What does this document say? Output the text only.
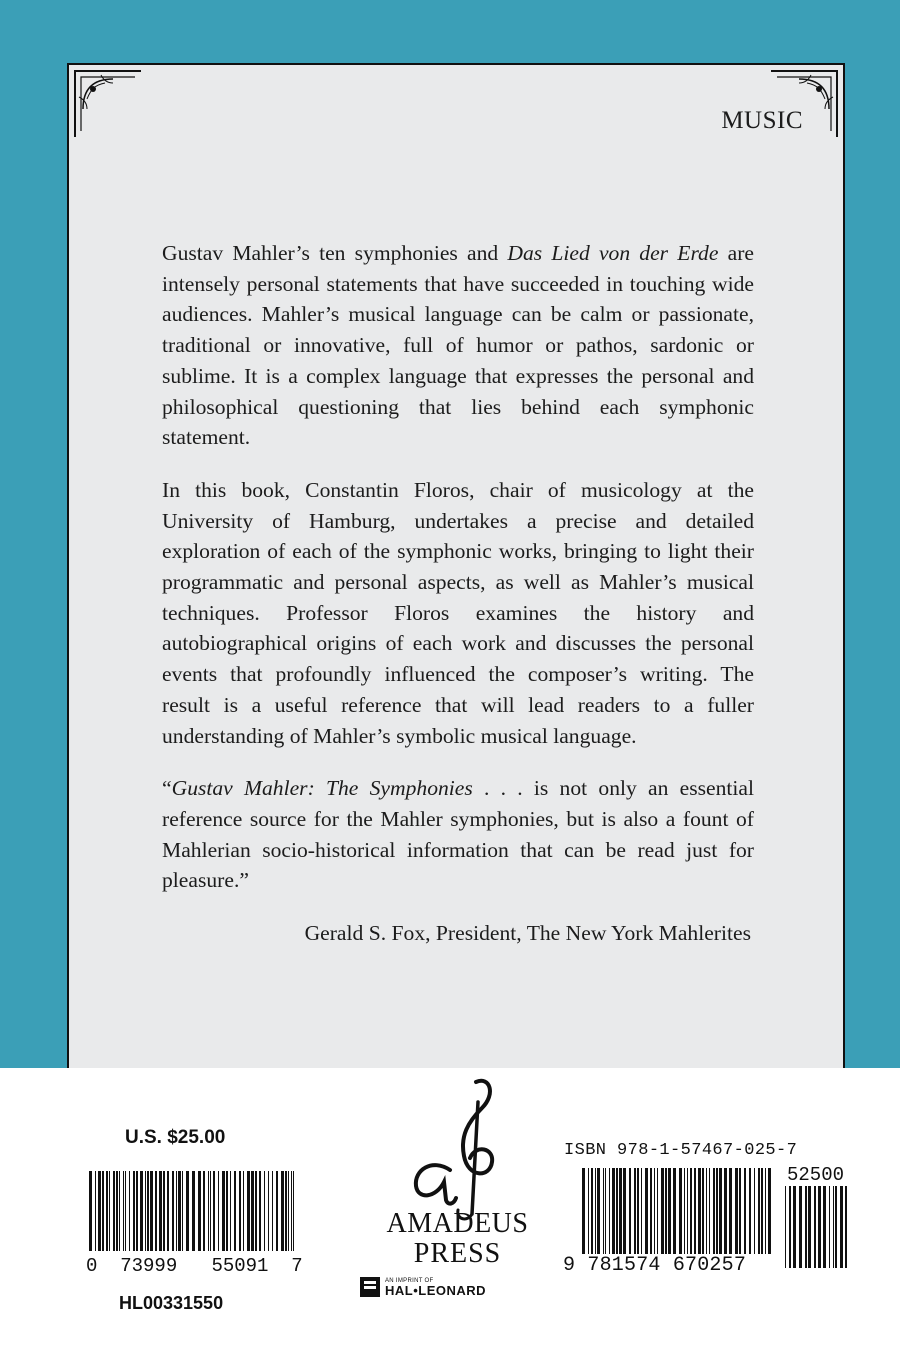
MUSIC

Gustav Mahler’s ten symphonies and Das Lied von der Erde are intensely personal statements that have succeeded in touching wide audiences. Mahler’s musical language can be calm or passionate, traditional or innovative, full of humor or pathos, sardonic or sublime. It is a complex language that expresses the personal and philosophical questioning that lies behind each symphonic statement.

In this book, Constantin Floros, chair of musicology at the University of Hamburg, undertakes a precise and detailed exploration of each of the symphonic works, bringing to light their programmatic and personal aspects, as well as Mahler’s musical techniques. Professor Floros examines the history and autobiographical origins of each work and discusses the personal events that profoundly influenced the composer’s writing. The result is a useful reference that will lead readers to a fuller understanding of Mahler’s symbolic musical language.

“Gustav Mahler: The Symphonies . . . is not only an essential reference source for the Mahler symphonies, but is also a fount of Mahlerian socio-historical information that can be read just for pleasure.”

Gerald S. Fox, President, The New York Mahlerites

U.S. $25.00
0 73999 55091 7
HL00331550
AMADEUS
PRESS
AN IMPRINT OF
HAL•LEONARD
ISBN 978-1-57467-025-7
52500
9 781574 670257
